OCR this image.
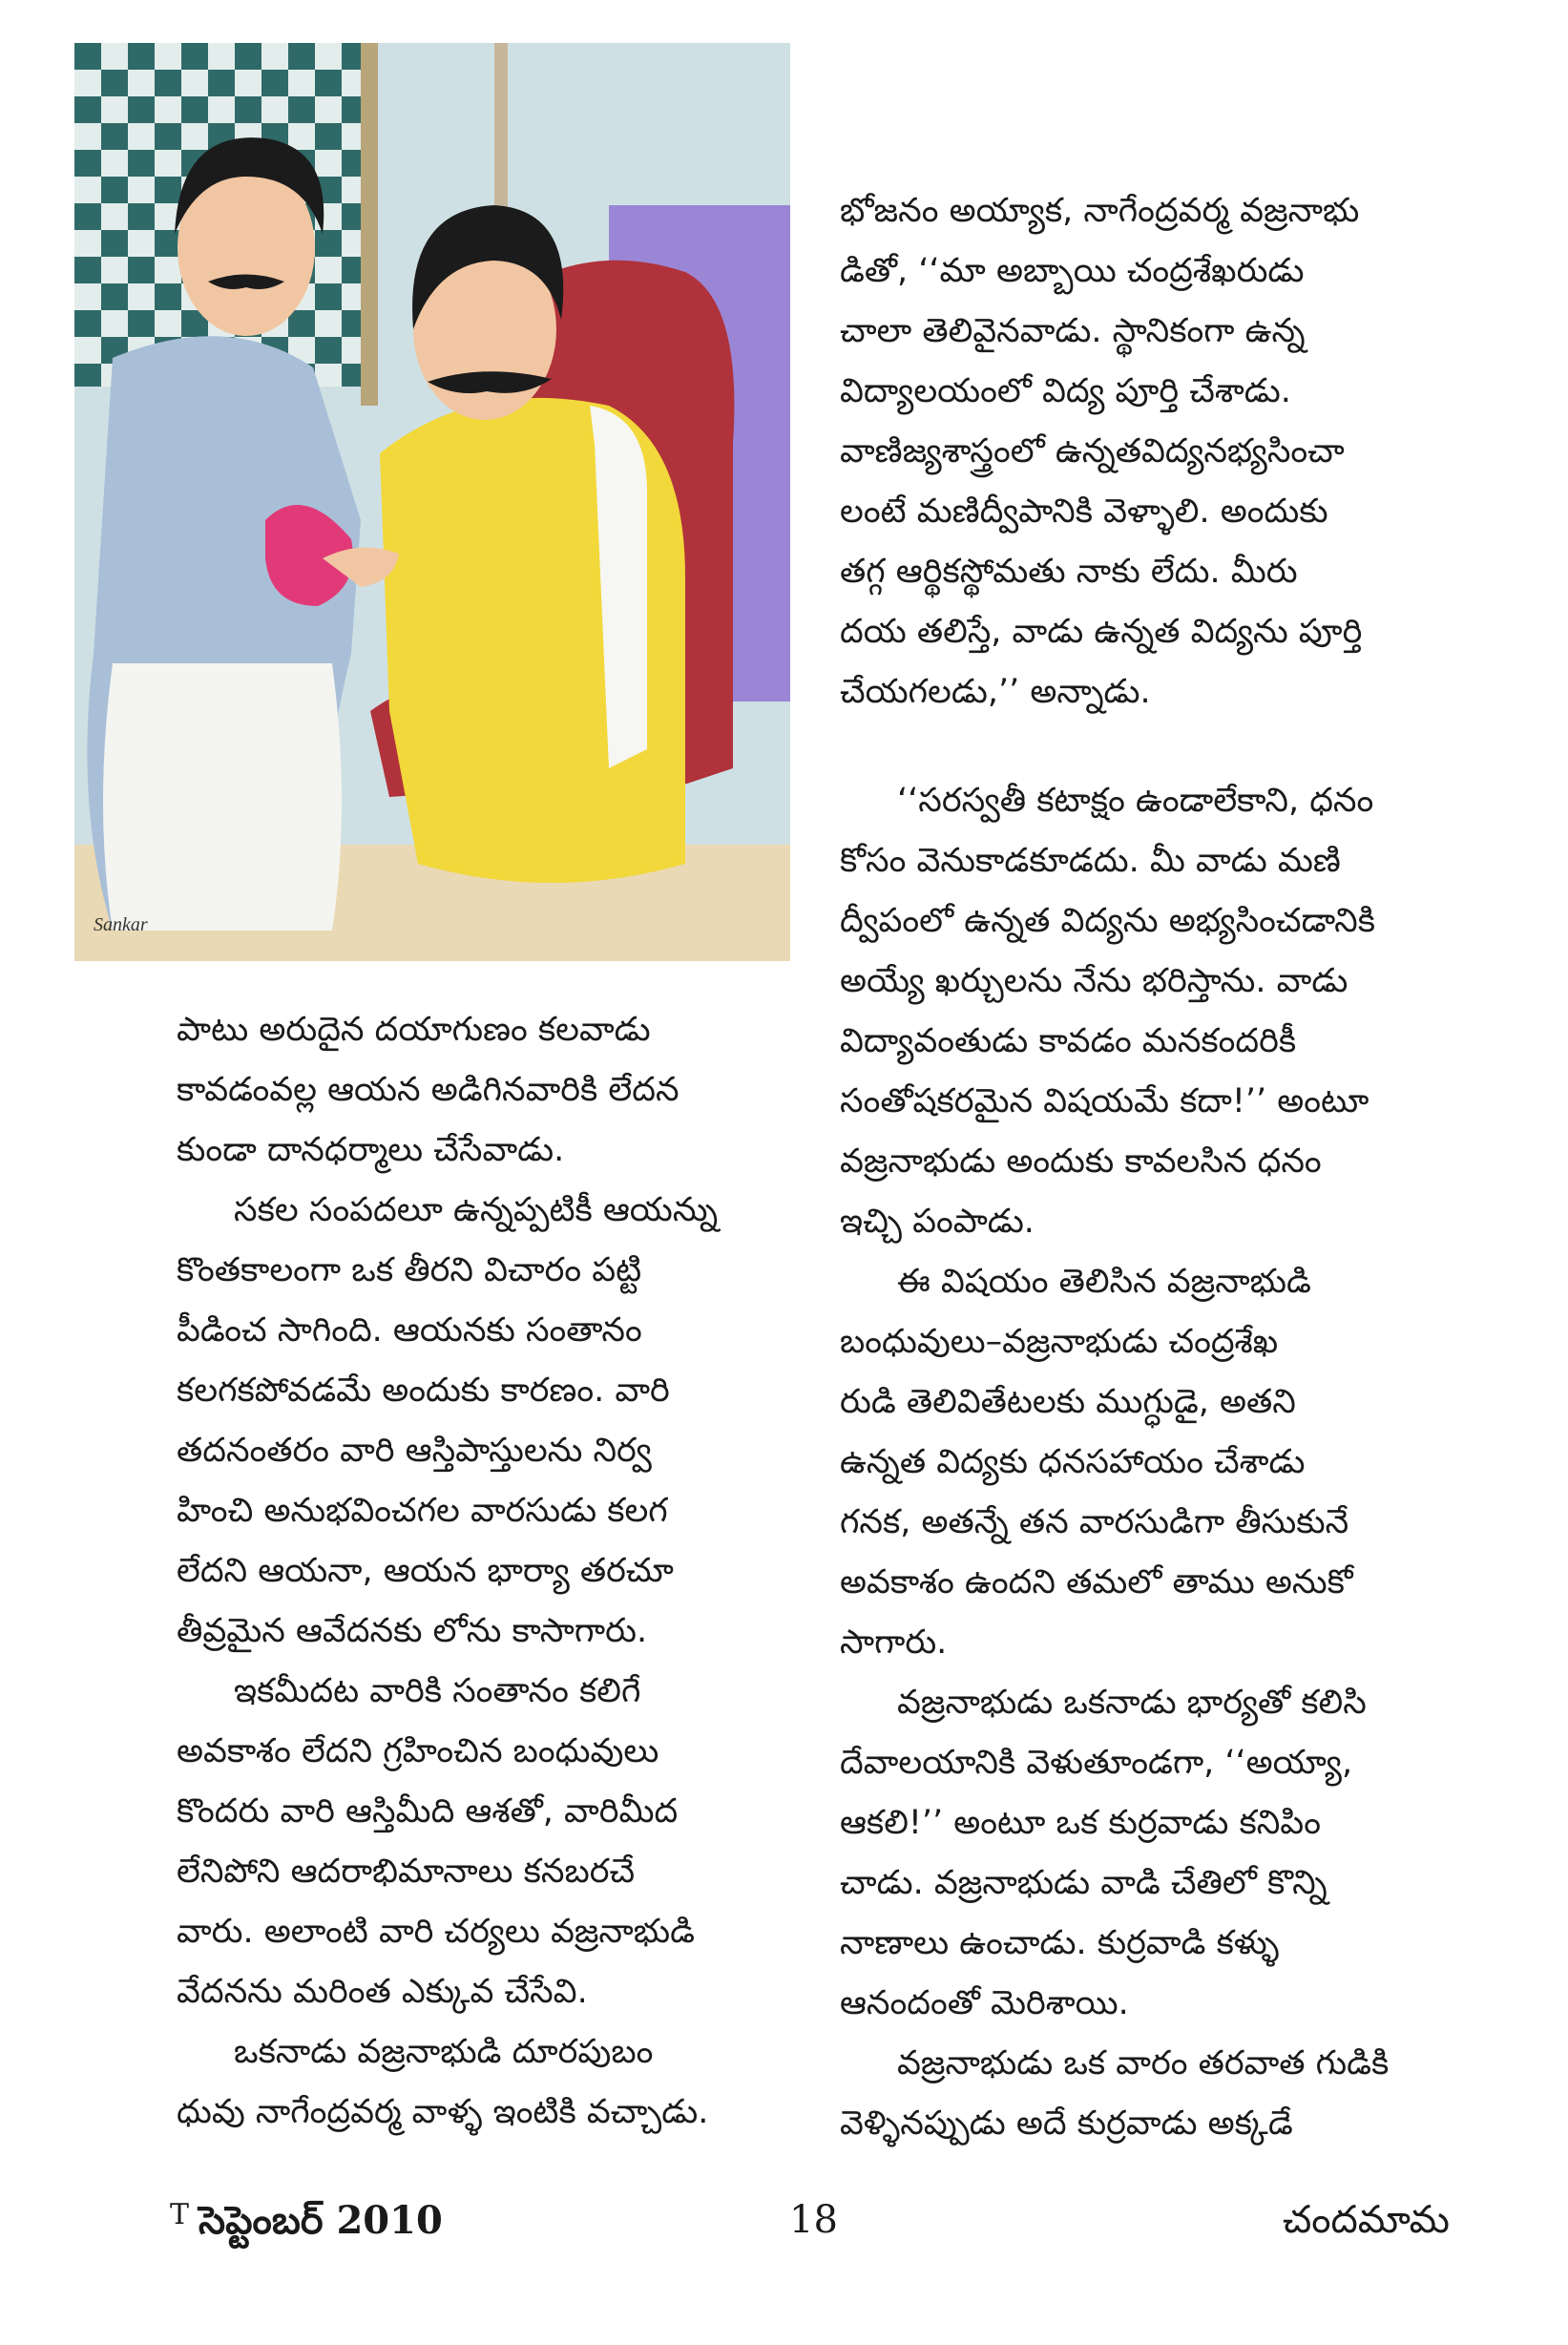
Sankar

పాటు అరుదైన దయాగుణం కలవాడు
కావడంవల్ల ఆయన అడిగినవారికి లేదన
కుండా దానధర్మాలు చేసేవాడు.

సకల సంపదలూ ఉన్నప్పటికీ ఆయన్ను
కొంతకాలంగా ఒక తీరని విచారం పట్టి
పీడించ సాగింది. ఆయనకు సంతానం
కలగకపోవడమే అందుకు కారణం. వారి
తదనంతరం వారి ఆస్తిపాస్తులను నిర్వ
హించి అనుభవించగల వారసుడు కలగ
లేదని ఆయనా, ఆయన భార్యా తరచూ
తీవ్రమైన ఆవేదనకు లోను కాసాగారు.

ఇకమీదట వారికి సంతానం కలిగే
అవకాశం లేదని గ్రహించిన బంధువులు
కొందరు వారి ఆస్తిమీది ఆశతో, వారిమీద
లేనిపోని ఆదరాభిమానాలు కనబరచే
వారు. అలాంటి వారి చర్యలు వజ్రనాభుడి
వేదనను మరింత ఎక్కువ చేసేవి.

ఒకనాడు వజ్రనాభుడి దూరపుబం
ధువు నాగేంద్రవర్మ వాళ్ళ ఇంటికి వచ్చాడు.

భోజనం అయ్యాక, నాగేంద్రవర్మ వజ్రనాభు
డితో, ‘‘మా అబ్బాయి చంద్రశేఖరుడు
చాలా తెలివైనవాడు. స్థానికంగా ఉన్న
విద్యాలయంలో విద్య పూర్తి చేశాడు.
వాణిజ్యశాస్త్రంలో ఉన్నతవిద్యనభ్యసించా
లంటే మణిద్వీపానికి వెళ్ళాలి. అందుకు
తగ్గ ఆర్థికస్థోమతు నాకు లేదు. మీరు
దయ తలిస్తే, వాడు ఉన్నత విద్యను పూర్తి
చేయగలడు,’’ అన్నాడు.

‘‘సరస్వతీ కటాక్షం ఉండాలేకాని, ధనం
కోసం వెనుకాడకూడదు. మీ వాడు మణి
ద్వీపంలో ఉన్నత విద్యను అభ్యసించడానికి
అయ్యే ఖర్చులను నేను భరిస్తాను. వాడు
విద్యావంతుడు కావడం మనకందరికీ
సంతోషకరమైన విషయమే కదా!’’ అంటూ
వజ్రనాభుడు అందుకు కావలసిన ధనం
ఇచ్చి పంపాడు.

ఈ విషయం తెలిసిన వజ్రనాభుడి
బంధువులు–వజ్రనాభుడు చంద్రశేఖ
రుడి తెలివితేటలకు ముగ్ధుడై, అతని
ఉన్నత విద్యకు ధనసహాయం చేశాడు
గనక, అతన్నే తన వారసుడిగా తీసుకునే
అవకాశం ఉందని తమలో తాము అనుకో
సాగారు.

వజ్రనాభుడు ఒకనాడు భార్యతో కలిసి
దేవాలయానికి వెళుతూండగా, ‘‘అయ్యా,
ఆకలి!’’ అంటూ ఒక కుర్రవాడు కనిపిం
చాడు. వజ్రనాభుడు వాడి చేతిలో కొన్ని
నాణాలు ఉంచాడు. కుర్రవాడి కళ్ళు
ఆనందంతో మెరిశాయి.

వజ్రనాభుడు ఒక వారం తరవాత గుడికి
వెళ్ళినప్పుడు అదే కుర్రవాడు అక్కడే

$^T$ సెప్టెంబర్ 2010	18	చందమామ
